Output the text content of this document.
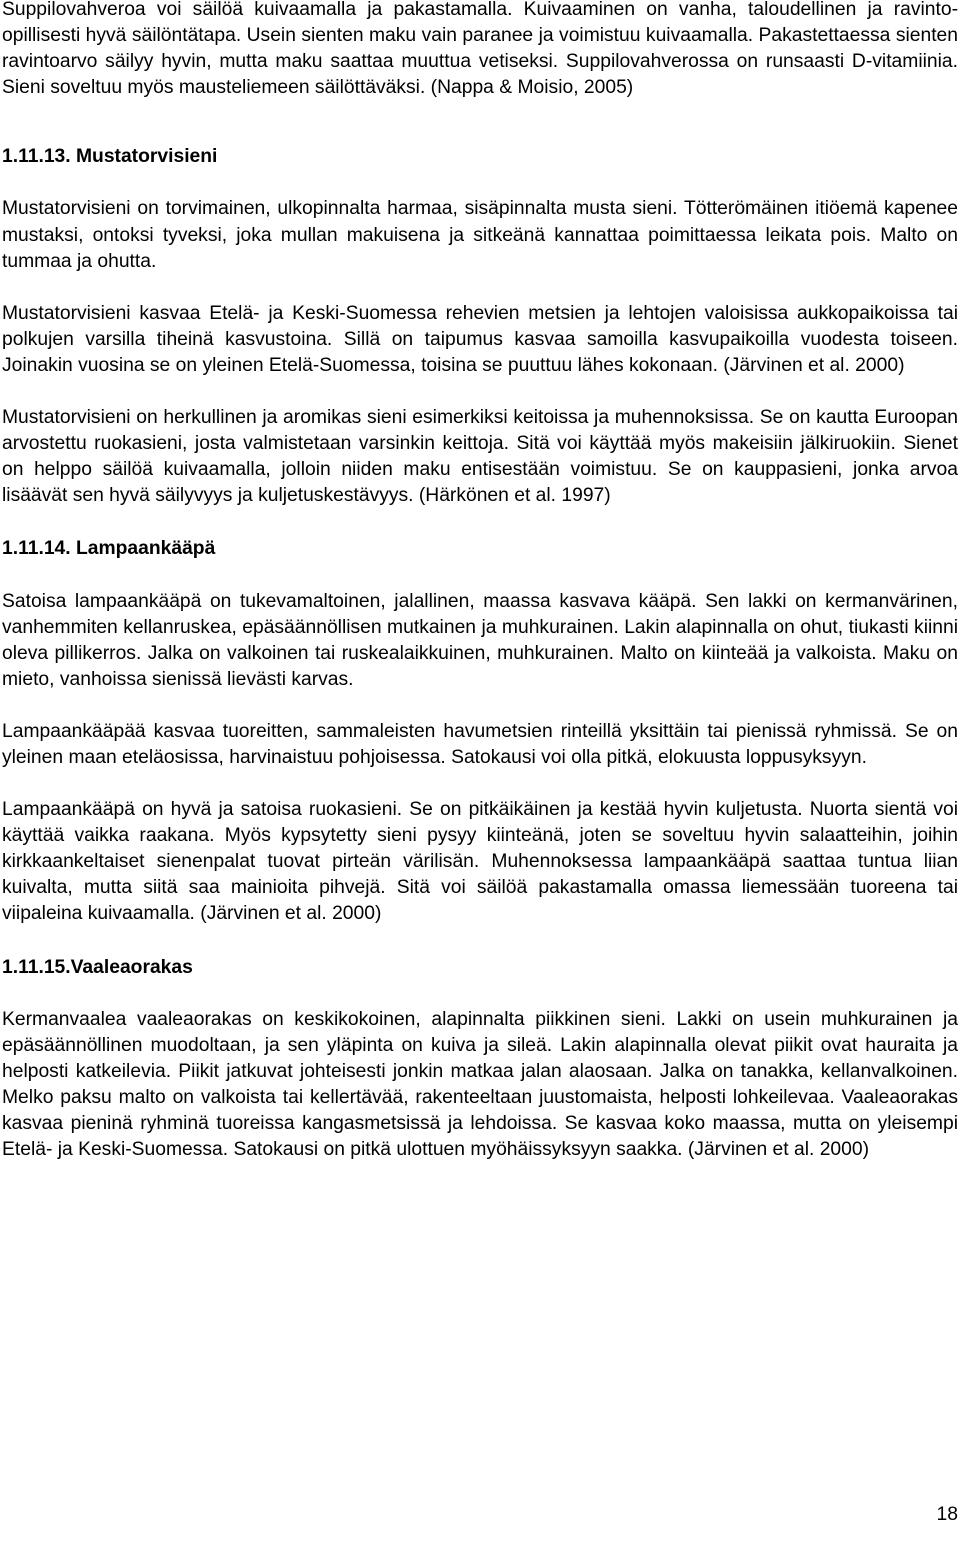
Suppilovahveroa voi säilöä kuivaamalla ja pakastamalla. Kuivaaminen on vanha, taloudellinen ja ravinto-opillisesti hyvä säilöntätapa. Usein sienten maku vain paranee ja voimistuu kuivaamalla. Pakastettaessa sienten ravintoarvo säilyy hyvin, mutta maku saattaa muuttua vetiseksi. Suppilovahverossa on runsaasti D-vitamiinia. Sieni soveltuu myös mausteliemeen säilöttäväksi. (Nappa & Moisio, 2005)

1.11.13. Mustatorvisieni

Mustatorvisieni on torvimainen, ulkopinnalta harmaa, sisäpinnalta musta sieni. Tötterömäinen itiöemä kapenee mustaksi, ontoksi tyveksi, joka mullan makuisena ja sitkeänä kannattaa poimittaessa leikata pois. Malto on tummaa ja ohutta.

Mustatorvisieni kasvaa Etelä- ja Keski-Suomessa rehevien metsien ja lehtojen valoisissa aukkopaikoissa tai polkujen varsilla tiheinä kasvustoina. Sillä on taipumus kasvaa samoilla kasvupaikoilla vuodesta toiseen. Joinakin vuosina se on yleinen Etelä-Suomessa, toisina se puuttuu lähes kokonaan. (Järvinen et al. 2000)

Mustatorvisieni on herkullinen ja aromikas sieni esimerkiksi keitoissa ja muhennoksissa. Se on kautta Euroopan arvostettu ruokasieni, josta valmistetaan varsinkin keittoja. Sitä voi käyttää myös makeisiin jälkiruokiin. Sienet on helppo säilöä kuivaamalla, jolloin niiden maku entisestään voimistuu. Se on kauppasieni, jonka arvoa lisäävät sen hyvä säilyvyys ja kuljetuskestävyys. (Härkönen et al. 1997)

1.11.14. Lampaankääpä

Satoisa lampaankääpä on tukevamaltoinen, jalallinen, maassa kasvava kääpä. Sen lakki on kermanvärinen, vanhemmiten kellanruskea, epäsäännöllisen mutkainen ja muhkurainen. Lakin alapinnalla on ohut, tiukasti kiinni oleva pillikerros. Jalka on valkoinen tai ruskealaikkuinen, muhkurainen. Malto on kiinteää ja valkoista. Maku on mieto, vanhoissa sienissä lievästi karvas.

Lampaankääpää kasvaa tuoreitten, sammaleisten havumetsien rinteillä yksittäin tai pienissä ryhmissä. Se on yleinen maan eteläosissa, harvinaistuu pohjoisessa. Satokausi voi olla pitkä, elokuusta loppusyksyyn.

Lampaankääpä on hyvä ja satoisa ruokasieni. Se on pitkäikäinen ja kestää hyvin kuljetusta. Nuorta sientä voi käyttää vaikka raakana. Myös kypsytetty sieni pysyy kiinteänä, joten se soveltuu hyvin salaatteihin, joihin kirkkaankeltaiset sienenpalat tuovat pirteän värilisän. Muhennoksessa lampaankääpä saattaa tuntua liian kuivalta, mutta siitä saa mainioita pihvejä. Sitä voi säilöä pakastamalla omassa liemessään tuoreena tai viipaleina kuivaamalla. (Järvinen et al. 2000)

1.11.15.Vaaleaorakas

Kermanvaalea vaaleaorakas on keskikokoinen, alapinnalta piikkinen sieni. Lakki on usein muhkurainen ja epäsäännöllinen muodoltaan, ja sen yläpinta on kuiva ja sileä. Lakin alapinnalla olevat piikit ovat hauraita ja helposti katkeilevia. Piikit jatkuvat johteisesti jonkin matkaa jalan alaosaan. Jalka on tanakka, kellanvalkoinen. Melko paksu malto on valkoista tai kellertävää, rakenteeltaan juustomaista, helposti lohkeilevaa. Vaaleaorakas kasvaa pieninä ryhminä tuoreissa kangasmetsissä ja lehdoissa. Se kasvaa koko maassa, mutta on yleisempi Etelä- ja Keski-Suomessa. Satokausi on pitkä ulottuen myöhäissyksyyn saakka. (Järvinen et al. 2000)

18
